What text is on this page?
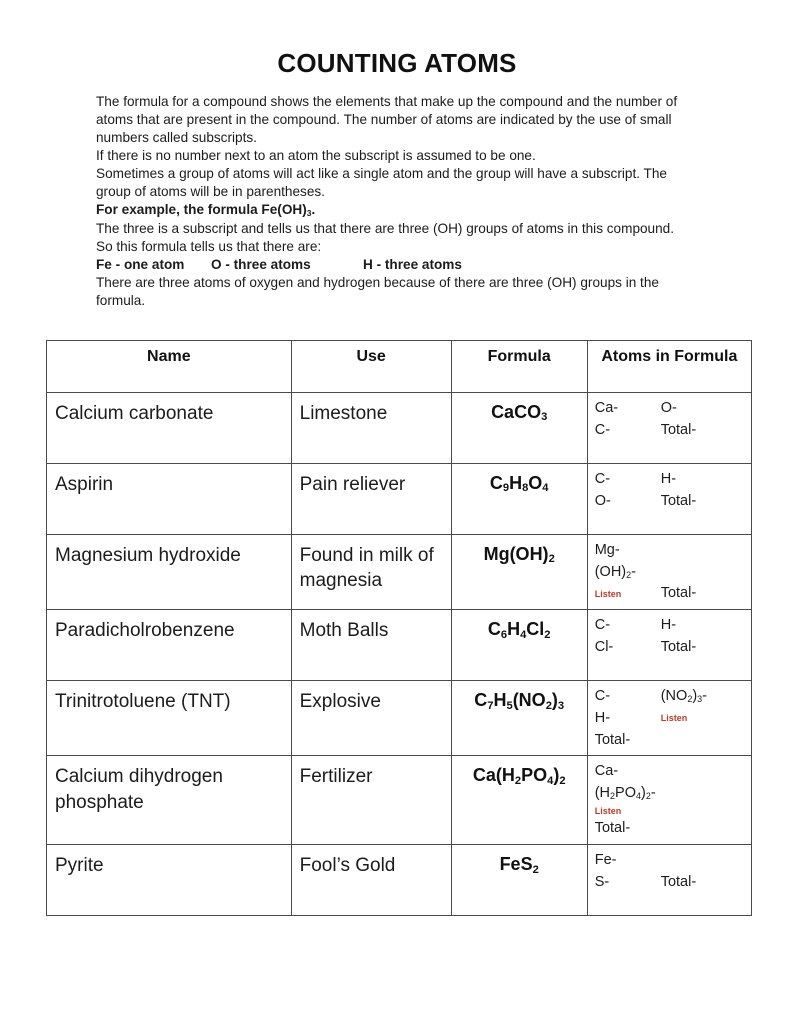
COUNTING ATOMS

The formula for a compound shows the elements that make up the compound and the number of atoms that are present in the compound. The number of atoms are indicated by the use of small numbers called subscripts.

If there is no number next to an atom the subscript is assumed to be one.

Sometimes a group of atoms will act like a single atom and the group will have a subscript. The group of atoms will be in parentheses.

For example, the formula $Fe(OH)_3$.

The three is a subscript and tells us that there are three (OH) groups of atoms in this compound.

So this formula tells us that there are:

Fe - one atom	O - three atoms	H - three atoms

There are three atoms of oxygen and hydrogen because of there are three (OH) groups in the formula.

Name	Use	Formula	Atoms in Formula
Calcium carbonate	Limestone	CaCO$_3$	Ca- O-
C- Total-

Aspirin	Pain reliever	$C_9H_8O_4$	C- H-
O- Total-

Magnesium hydroxide	Found in milk of magnesia	$Mg(OH)_2$	Mg-
$(OH)_2-$
Listen Total-

Paradicholrobenzene	Moth Balls	$C_6H_4Cl_2$	C- H-
Cl- Total-

Trinitrotoluene (TNT)	Explosive	$C_7H_5(NO_2)_3$	C- $(NO_2)_3-$
H- Listen
Total-

Calcium dihydrogen phosphate	Fertilizer	$Ca(H_2PO_4)_2$	Ca-
$(H_2PO_4)_2-$
Listen
Total-

Pyrite	Fool’s Gold	FeS$_2$	Fe-
S- Total-
